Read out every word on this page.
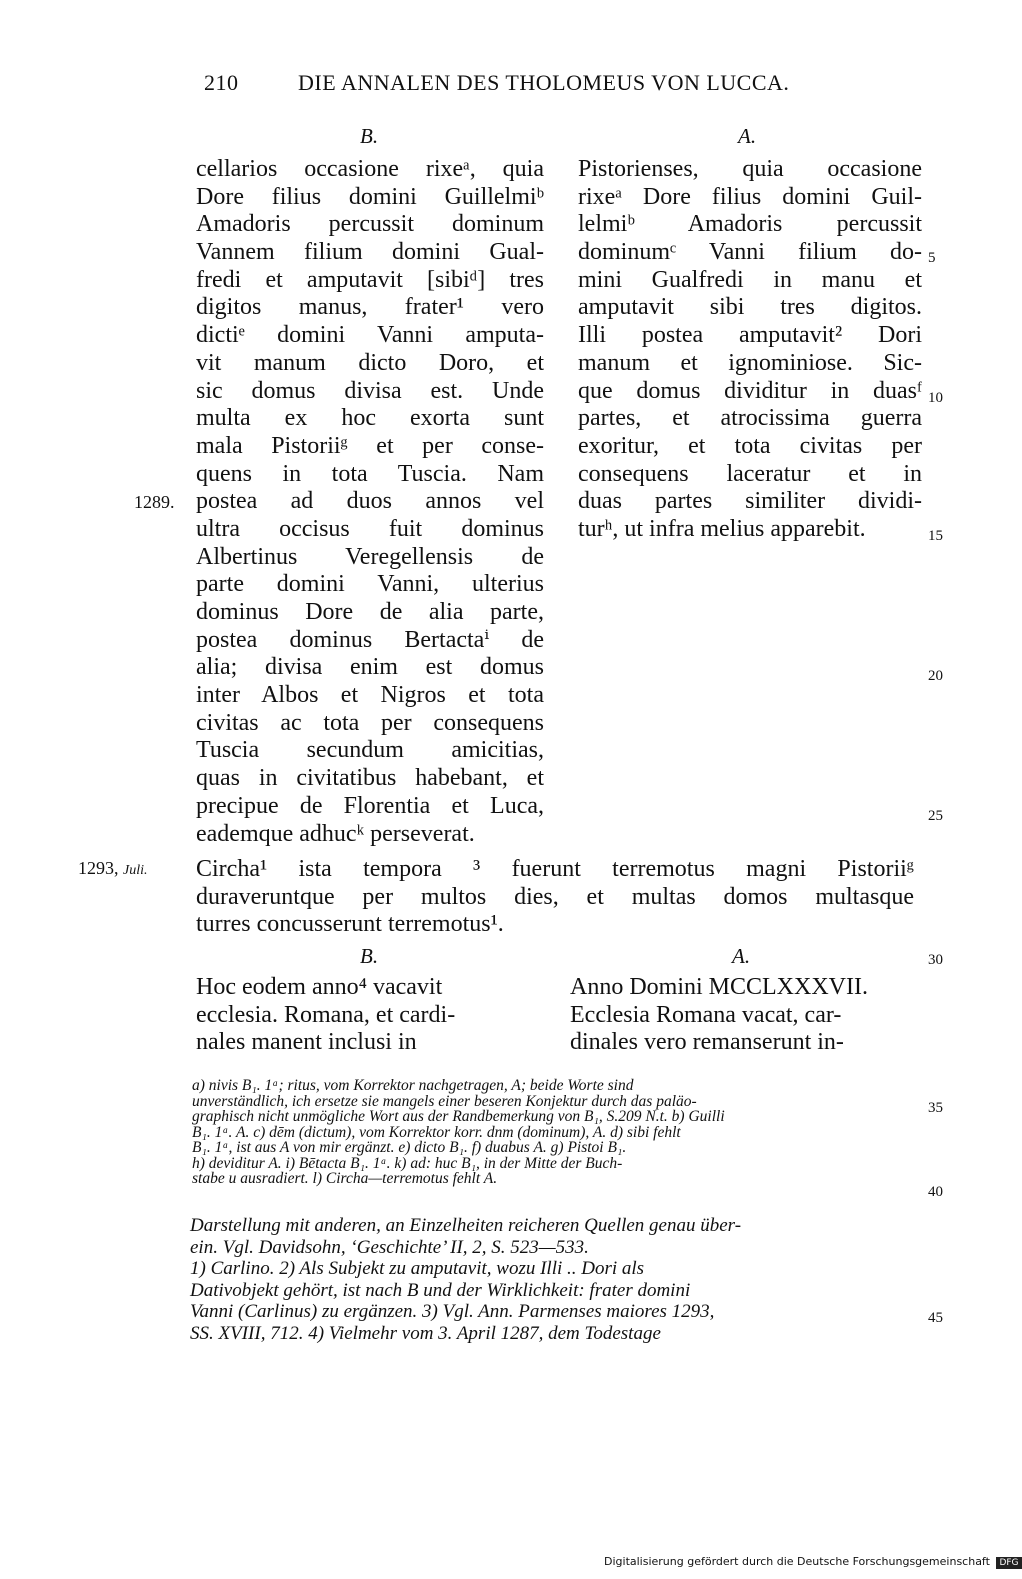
210	DIE ANNALEN DES THOLOMEUS VON LUCCA.
B.	A.
cellarios occasione rixeᵃ, quia
Dore filius domini Guillelmiᵇ
Amadoris percussit dominum
Vannem filium domini Gual-
fredi et amputavit [sibiᵈ] tres
digitos manus, frater¹ vero
dictiᵉ domini Vanni amputa-
vit manum dicto Doro, et
sic domus divisa est. Unde
multa ex hoc exorta sunt
mala Pistoriiᵍ et per conse-
quens in tota Tuscia. Nam
postea ad duos annos vel
ultra occisus fuit dominus
Albertinus Veregellensis de
parte domini Vanni, ulterius
dominus Dore de alia parte,
postea dominus Bertactaⁱ de
alia; divisa enim est domus
inter Albos et Nigros et tota
civitas ac tota per consequens
Tuscia secundum amicitias,
quas in civitatibus habebant, et
precipue de Florentia et Luca,
eademque adhucᵏ perseverat.
Pistorienses, quia occasione
rixeᵃ Dore filius domini Guil-
lelmiᵇ Amadoris percussit
dominumᶜ Vanni filium do-
mini Gualfredi in manu et
amputavit sibi tres digitos.
Illi postea amputavit² Dori
manum et ignominiose. Sic-
que domus dividitur in duasᶠ
partes, et atrocissima guerra
exoritur, et tota civitas per
consequens laceratur et in
duas partes similiter dividi-
turʰ, ut infra melius apparebit.
1289.
1293, Juli. Circha¹ ista tempora ³ fuerunt terremotus magni Pistoriiᵍ
duraveruntque per multos dies, et multas domos multasque
turres concusserunt terremotus¹.
B.	A.
Hoc eodem anno⁴ vacavit
ecclesia. Romana, et cardi-
nales manent inclusi in
Anno Domini MCCLXXXVII.
Ecclesia Romana vacat, car-
dinales vero remanserunt in-
5
10
15
20
25
30
35
40
45
a) nivis B₁. 1ᵃ; ritus, vom Korrektor nachgetragen, A; beide Worte sind
unverständlich, ich ersetze sie mangels einer beseren Konjektur durch das paläo-
graphisch nicht unmögliche Wort aus der Randbemerkung von B₁, S.209 N.t. b) Guilli
B₁. 1ᵃ. A. c) dēm (dictum), vom Korrektor korr. dnm (dominum), A. d) sibi fehlt
B₁. 1ᵃ, ist aus A von mir ergänzt. e) dicto B₁. f) duabus A. g) Pistoi B₁.
h) deviditur A. i) Bētacta B₁. 1ᵃ. k) ad: huc B₁, in der Mitte der Buch-
stabe u ausradiert. l) Circha—terremotus fehlt A.
Darstellung mit anderen, an Einzelheiten reicheren Quellen genau über-
ein. Vgl. Davidsohn, ‘Geschichte’ II, 2, S. 523—533.
1) Carlino. 2) Als Subjekt zu amputavit, wozu Illi .. Dori als
Dativobjekt gehört, ist nach B und der Wirklichkeit: frater domini
Vanni (Carlinus) zu ergänzen. 3) Vgl. Ann. Parmenses maiores 1293,
SS. XVIII, 712. 4) Vielmehr vom 3. April 1287, dem Todestage
Digitalisierung gefördert durch die Deutsche Forschungsgemeinschaft DFG
